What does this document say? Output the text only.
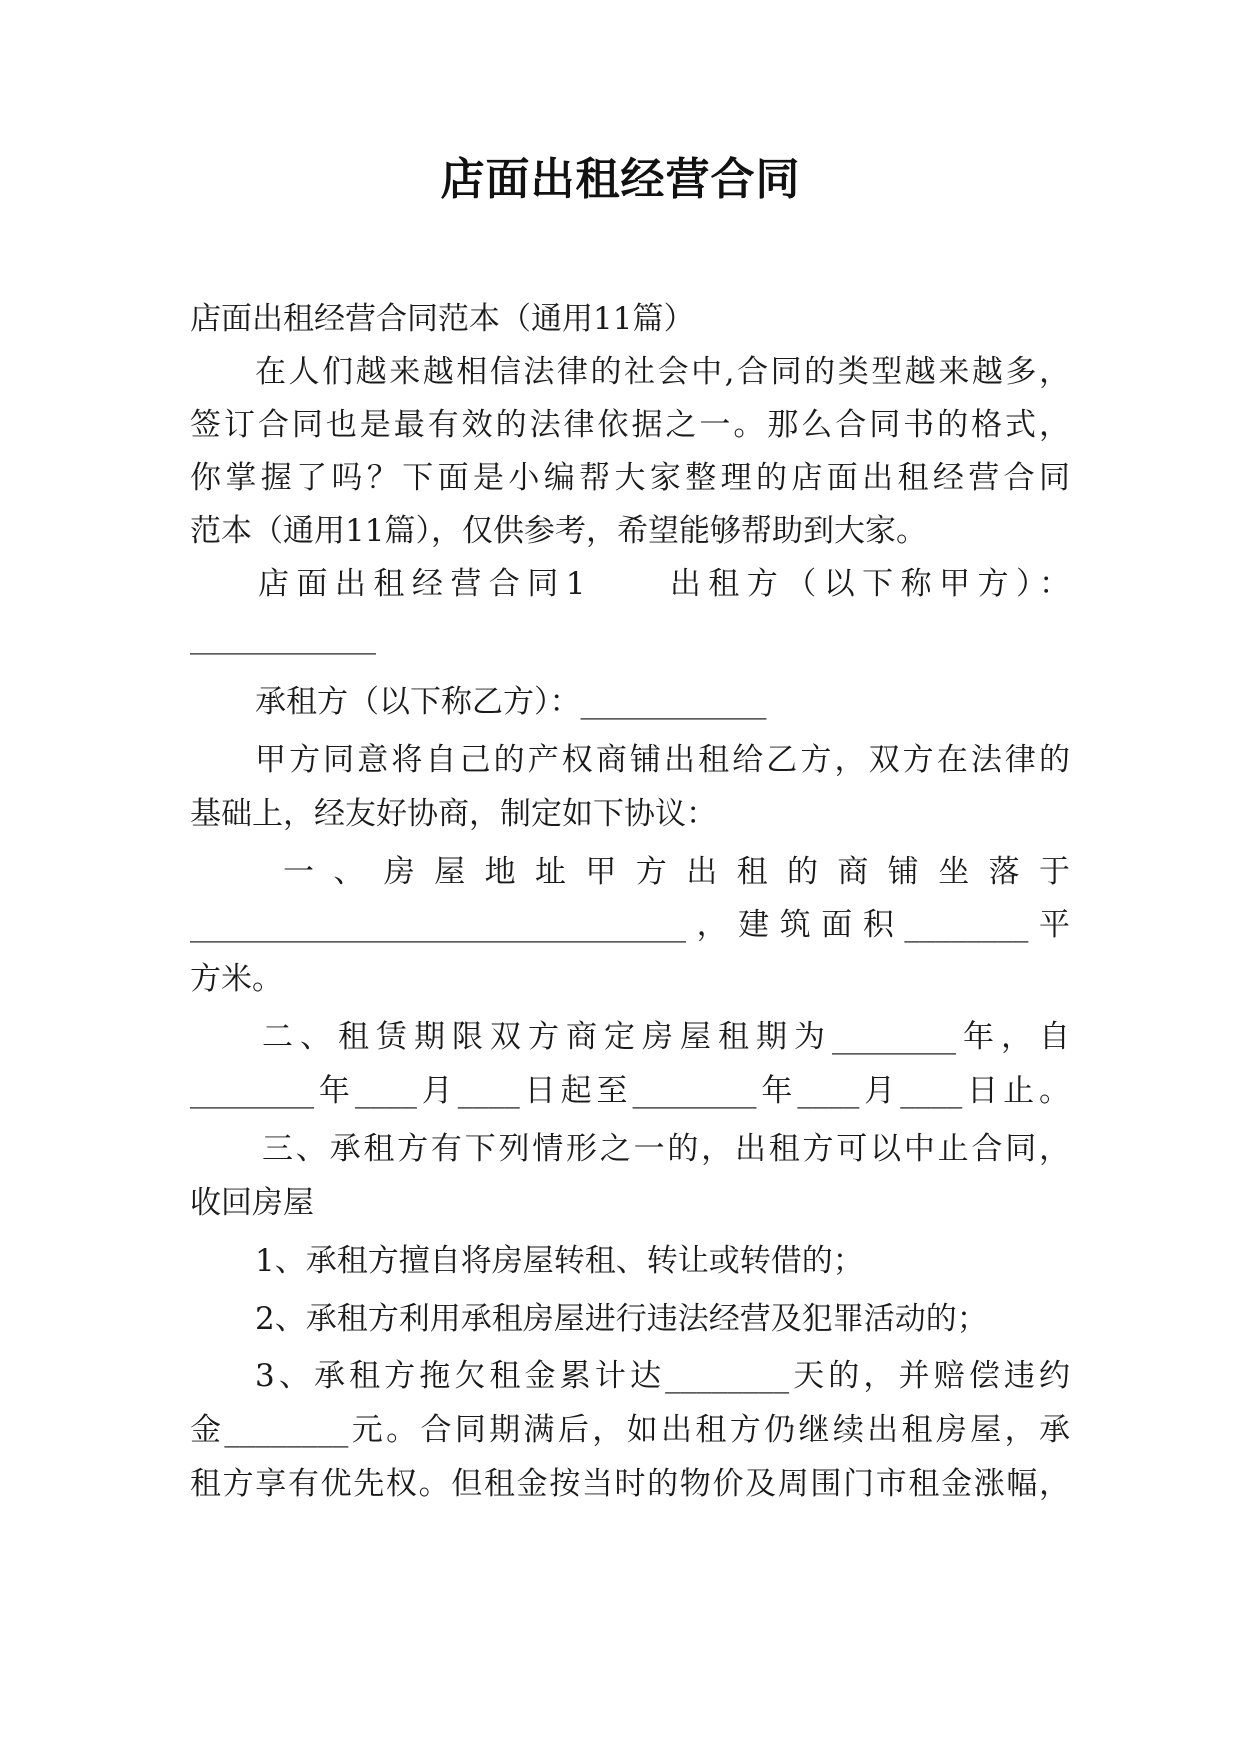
店面出租经营合同

店面出租经营合同范本（通用11篇）

在人们越来越相信法律的社会中,合同的类型越来越多，

签订合同也是最有效的法律依据之一。那么合同书的格式，

你掌握了吗？下面是小编帮大家整理的店面出租经营合同

范本（通用11篇），仅供参考，希望能够帮助到大家。

店面出租经营合同1　　出租方（以下称甲方）：

____________

承租方（以下称乙方）：____________

甲方同意将自己的产权商铺出租给乙方，双方在法律的

基础上，经友好协商，制定如下协议：

一、房屋地址甲方出租的商铺坐落于

________________________________，建筑面积________平

方米。

二、租赁期限双方商定房屋租期为________年，自

________年____月____日起至________年____月____日止。

三、承租方有下列情形之一的，出租方可以中止合同，

收回房屋

1、承租方擅自将房屋转租、转让或转借的；

2、承租方利用承租房屋进行违法经营及犯罪活动的；

3、承租方拖欠租金累计达________天的，并赔偿违约

金________元。合同期满后，如出租方仍继续出租房屋，承

租方享有优先权。但租金按当时的物价及周围门市租金涨幅，
